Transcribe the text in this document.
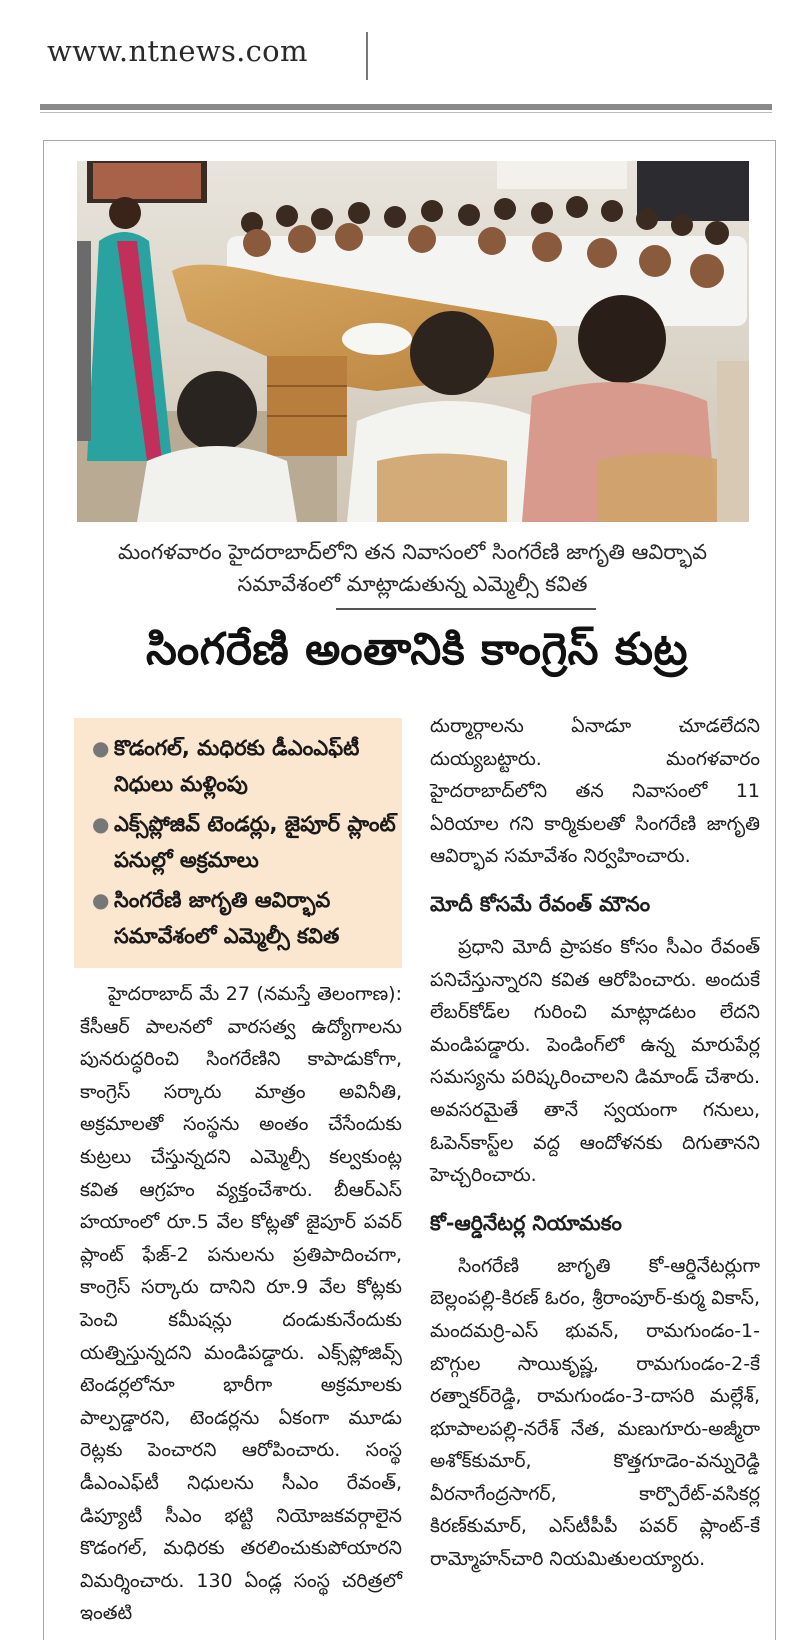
www.ntnews.com
మంగళవారం హైదరాబాద్‌లోని తన నివాసంలో సింగరేణి జాగృతి ఆవిర్భావ
సమావేశంలో మాట్లాడుతున్న ఎమ్మెల్సీ కవిత
సింగరేణి అంతానికి కాంగ్రెస్ కుట్ర
● కొడంగల్, మధిరకు డీఎంఎఫ్‌టీ నిధులు మళ్లింపు
● ఎక్స్‌ప్లోజివ్ టెండర్లు, జైపూర్ ప్లాంట్ పనుల్లో అక్రమాలు
● సింగరేణి జాగృతి ఆవిర్భావ సమావేశంలో ఎమ్మెల్సీ కవిత

హైదరాబాద్ మే 27 (నమస్తే తెలంగాణ): కేసీఆర్ పాలనలో వారసత్వ ఉద్యోగాలను పునరుద్ధరించి సింగరేణిని కాపాడుకోగా, కాంగ్రెస్ సర్కారు మాత్రం అవినీతి, అక్రమాలతో సంస్థను అంతం చేసేందుకు కుట్రలు చేస్తున్నదని ఎమ్మెల్సీ కల్వకుంట్ల కవిత ఆగ్రహం వ్యక్తంచేశారు. బీఆర్ఎస్ హయాంలో రూ.5 వేల కోట్లతో జైపూర్ పవర్ ప్లాంట్ ఫేజ్-2 పనులను ప్రతిపాదించగా, కాంగ్రెస్ సర్కారు దానిని రూ.9 వేల కోట్లకు పెంచి కమీషన్లు దండుకునేందుకు యత్నిస్తున్నదని మండిపడ్డారు. ఎక్స్‌ప్లోజివ్స్ టెండర్లలోనూ భారీగా అక్రమాలకు పాల్పడ్డారని, టెండర్లను ఏకంగా మూడు రెట్లకు పెంచారని ఆరోపించారు. సంస్థ డీఎంఎఫ్‌టీ నిధులను సీఎం రేవంత్, డిప్యూటీ సీఎం భట్టి నియోజకవర్గాలైన కొడంగల్, మధిరకు తరలించుకుపోయారని విమర్శించారు. 130 ఏండ్ల సంస్థ చరిత్రలో ఇంతటి

దుర్మార్గాలను ఏనాడూ చూడలేదని దుయ్యబట్టారు. మంగళవారం హైదరాబాద్‌లోని తన నివాసంలో 11 ఏరియాల గని కార్మికులతో సింగరేణి జాగృతి ఆవిర్భావ సమావేశం నిర్వహించారు.

మోదీ కోసమే రేవంత్ మౌనం

ప్రధాని మోదీ ప్రాపకం కోసం సీఎం రేవంత్ పనిచేస్తున్నారని కవిత ఆరోపించారు. అందుకే లేబర్‌కోడ్‌ల గురించి మాట్లాడటం లేదని మండిపడ్డారు. పెండింగ్‌లో ఉన్న మారుపేర్ల సమస్యను పరిష్కరించాలని డిమాండ్ చేశారు. అవసరమైతే తానే స్వయంగా గనులు, ఓపెన్‌కాస్ట్‌ల వద్ద ఆందోళనకు దిగుతానని హెచ్చరించారు.

కో-ఆర్డినేటర్ల నియామకం

సింగరేణి జాగృతి కో-ఆర్డినేటర్లుగా బెల్లంపల్లి-కిరణ్ ఓరం, శ్రీరాంపూర్-కుర్మ వికాస్, మందమర్రి-ఎస్ భువన్, రామగుండం-1-బొగ్గుల సాయికృష్ణ, రామగుండం-2-కే రత్నాకర్‌రెడ్డి, రామగుండం-3-దాసరి మల్లేశ్, భూపాలపల్లి-నరేశ్ నేత, మణుగూరు-అజ్మీరా అశోక్‌కుమార్, కొత్తగూడెం-వన్నురెడ్డి వీరనాగేంద్రసాగర్, కార్పొరేట్-వసికర్ల కిరణ్‌కుమార్, ఎస్‌టీపీపీ పవర్ ప్లాంట్-కే రామ్మోహన్‌చారి నియమితులయ్యారు.
